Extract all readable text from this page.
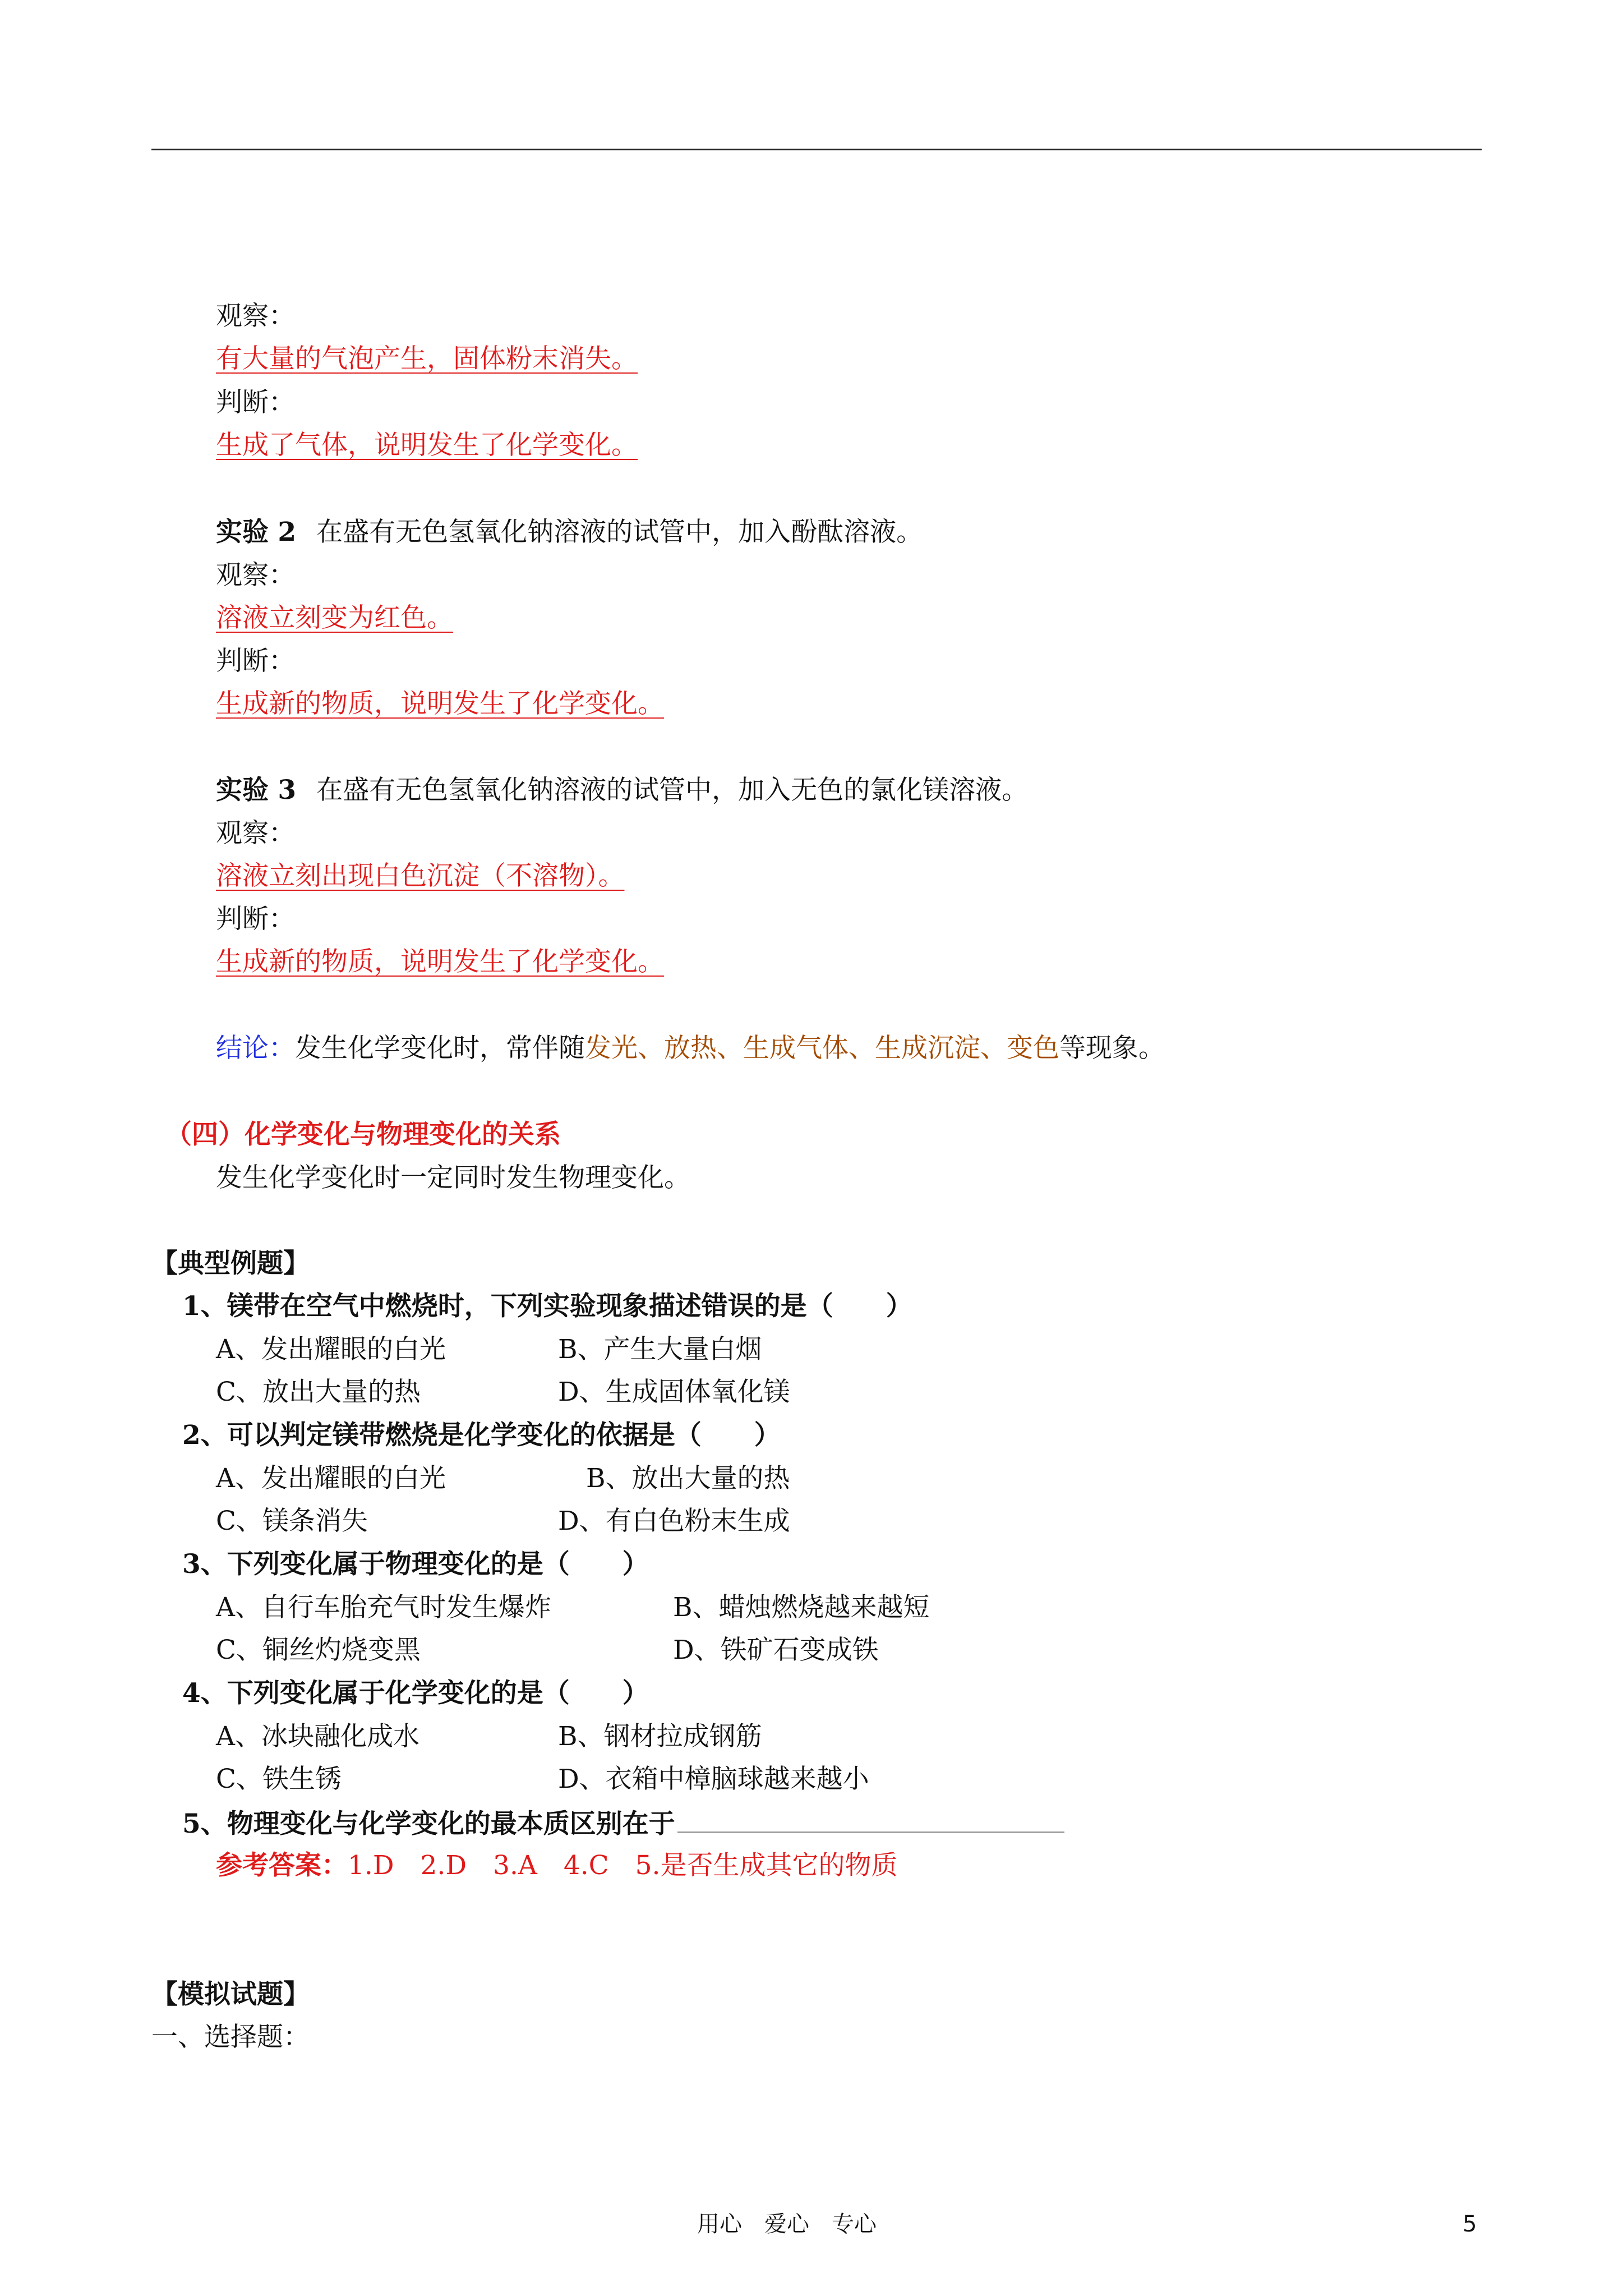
观察：
有大量的气泡产生，固体粉末消失。
判断：
生成了气体，说明发生了化学变化。
实验 2 在盛有无色氢氧化钠溶液的试管中，加入酚酞溶液。
观察：
溶液立刻变为红色。
判断：
生成新的物质，说明发生了化学变化。
实验 3 在盛有无色氢氧化钠溶液的试管中，加入无色的氯化镁溶液。
观察：
溶液立刻出现白色沉淀（不溶物）。
判断：
生成新的物质，说明发生了化学变化。
结论：发生化学变化时，常伴随发光、放热、生成气体、生成沉淀、变色等现象。
（四）化学变化与物理变化的关系
发生化学变化时一定同时发生物理变化。
【典型例题】
1、镁带在空气中燃烧时，下列实验现象描述错误的是（　　）
A、发出耀眼的白光	B、产生大量白烟
C、放出大量的热	D、生成固体氧化镁
2、可以判定镁带燃烧是化学变化的依据是（　　）
A、发出耀眼的白光	B、放出大量的热
C、镁条消失	D、有白色粉末生成
3、下列变化属于物理变化的是（　　）
A、自行车胎充气时发生爆炸	B、蜡烛燃烧越来越短
C、铜丝灼烧变黑	D、铁矿石变成铁
4、下列变化属于化学变化的是（　　）
A、冰块融化成水	B、钢材拉成钢筋
C、铁生锈	D、衣箱中樟脑球越来越小
5、物理变化与化学变化的最本质区别在于
参考答案：1.D　2.D　3.A　4.C　5.是否生成其它的物质
【模拟试题】
一、选择题：
用心　爱心　专心	5
